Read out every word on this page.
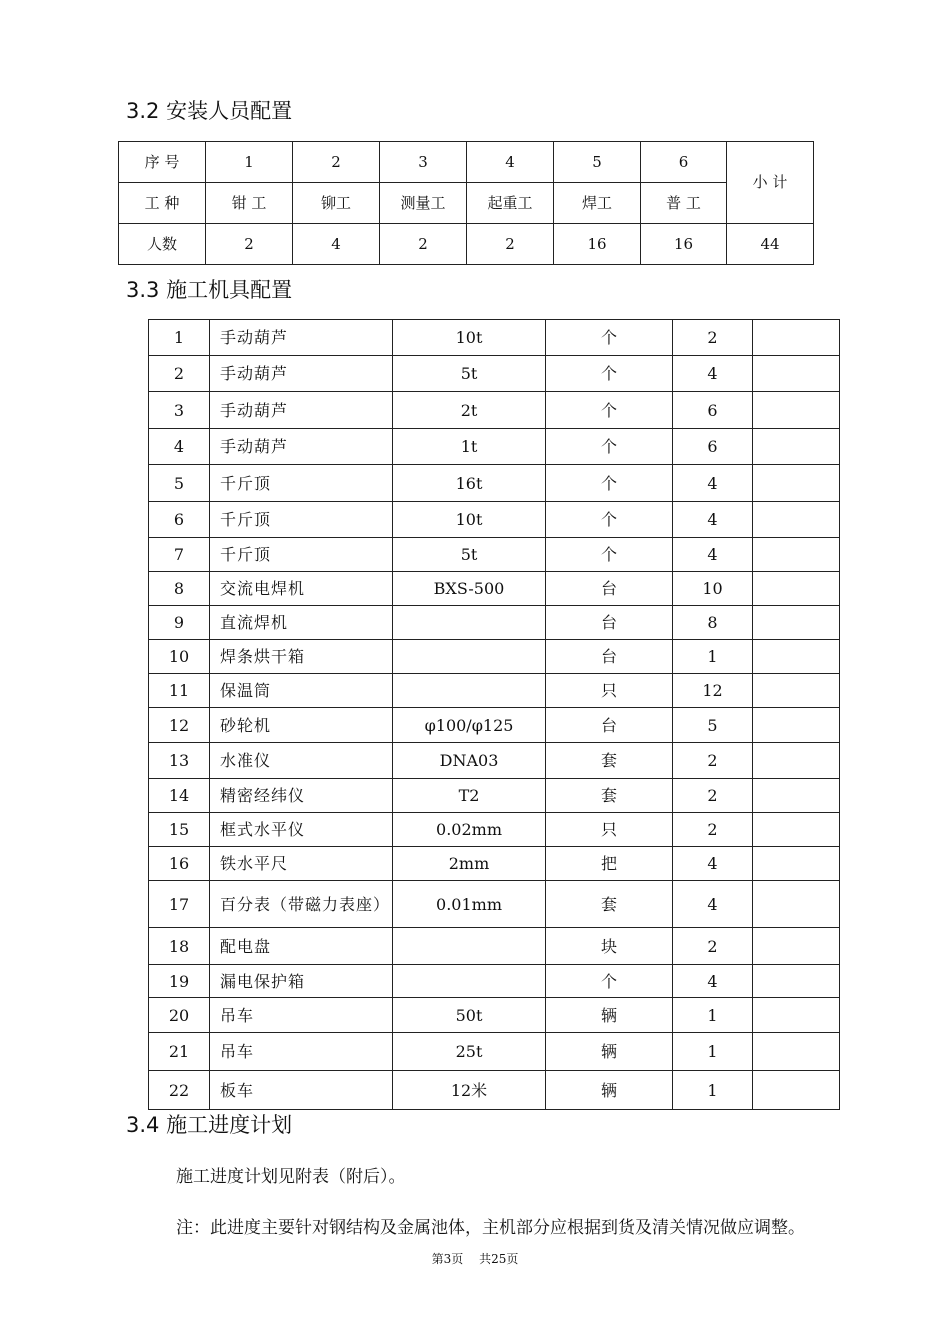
3.2 安装人员配置
序 号	1	2	3	4	5	6	小 计
工 种	钳 工	铆工	测量工	起重工	焊工	普 工	
人数	2	4	2	2	16	16	44
3.3 施工机具配置
1	手动葫芦	10t	个	2	
2	手动葫芦	5t	个	4	
3	手动葫芦	2t	个	6	
4	手动葫芦	1t	个	6	
5	千斤顶	16t	个	4	
6	千斤顶	10t	个	4	
7	千斤顶	5t	个	4	
8	交流电焊机	BXS-500	台	10	
9	直流焊机		台	8	
10	焊条烘干箱		台	1	
11	保温筒		只	12	
12	砂轮机	φ100/φ125	台	5	
13	水准仪	DNA03	套	2	
14	精密经纬仪	T2	套	2	
15	框式水平仪	0.02mm	只	2	
16	铁水平尺	2mm	把	4	
17	百分表（带磁力表座）	0.01mm	套	4	
18	配电盘		块	2	
19	漏电保护箱		个	4	
20	吊车	50t	辆	1	
21	吊车	25t	辆	1	
22	板车	12米	辆	1	
3.4 施工进度计划

施工进度计划见附表（附后）。

注：此进度主要针对钢结构及金属池体，主机部分应根据到货及清关情况做应调整。

第3页 共25页
